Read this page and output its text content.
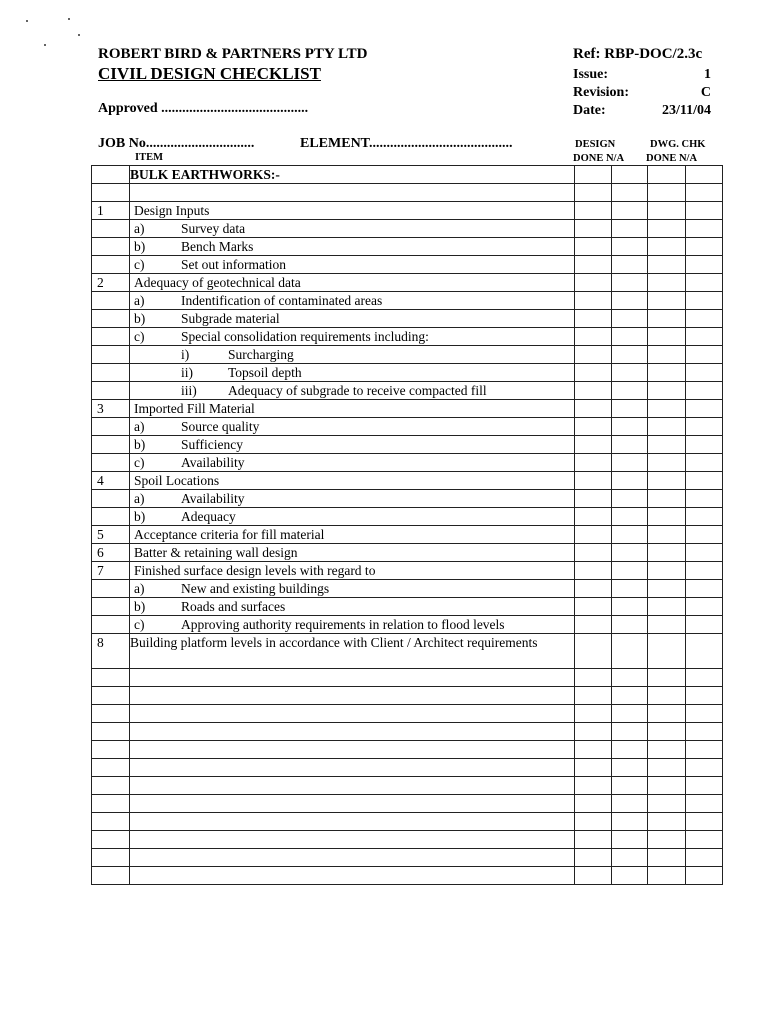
ROBERT BIRD & PARTNERS PTY LTD
CIVIL DESIGN CHECKLIST
Approved ..........................................
JOB No...............................	ELEMENT.........................................
Ref: RBP-DOC/2.3c
Issue:	1
Revision:	C
Date:	23/11/04
ITEM
DESIGN
DONE N/A
DWG. CHK
DONE N/A
	BULK EARTHWORKS:-				

1	Design Inputs				

	a) Survey data				

	b) Bench Marks				

	c) Set out information				

2	Adequacy of geotechnical data				

	a) Indentification of contaminated areas				

	b) Subgrade material				

	c) Special consolidation requirements including:				

	i) Surcharging				

	ii) Topsoil depth				

	iii) Adequacy of subgrade to receive compacted fill				

3	Imported Fill Material				

	a) Source quality				

	b) Sufficiency				

	c) Availability				

4	Spoil Locations				

	a) Availability				

	b) Adequacy				

5	Acceptance criteria for fill material				
6	Batter & retaining wall design				
7	Finished surface design levels with regard to				

	a) New and existing buildings				

	b) Roads and surfaces				

	c) Approving authority requirements in relation to flood levels				

8	Building platform levels in accordance with Client / Architect requirements				
